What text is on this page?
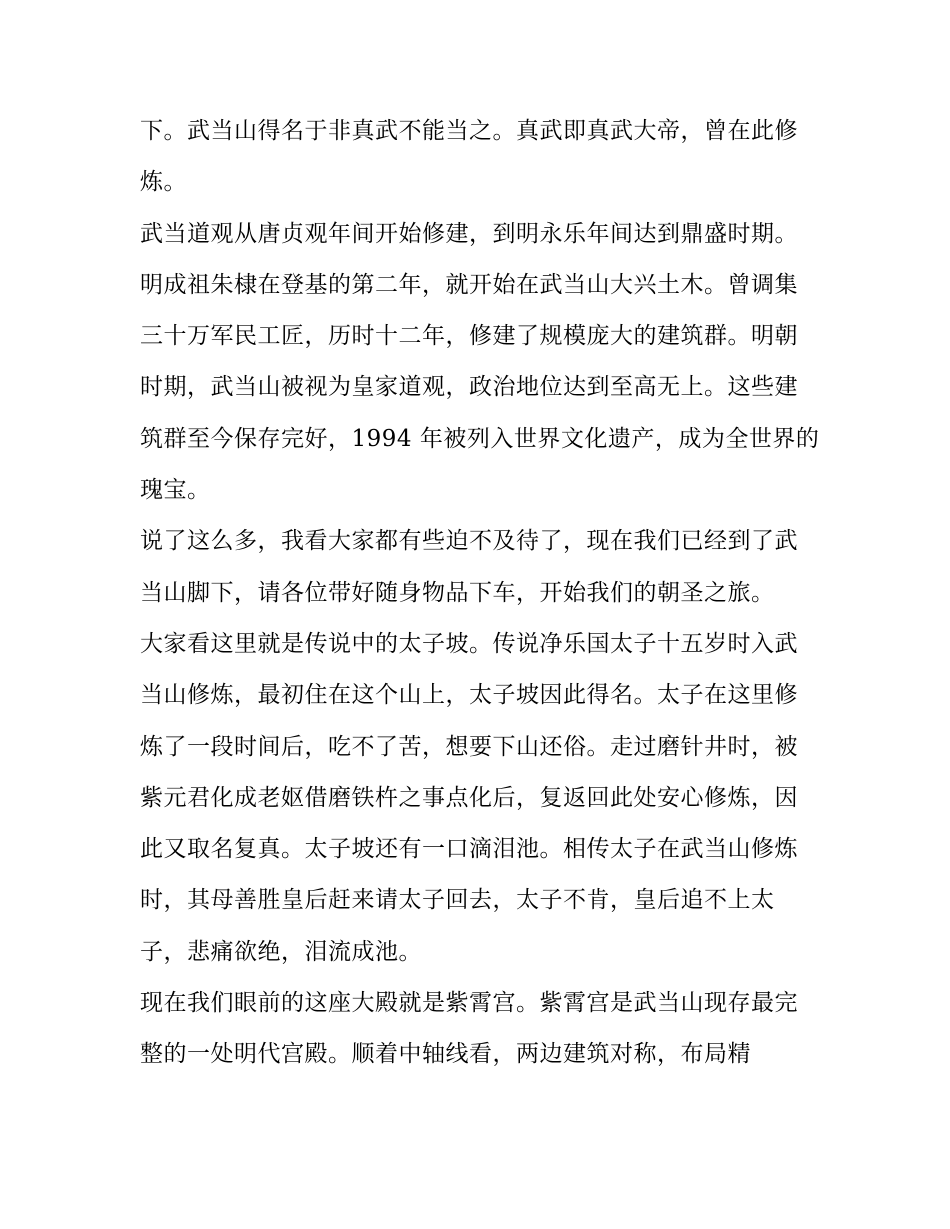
下。武当山得名于非真武不能当之。真武即真武大帝，曾在此修炼。

武当道观从唐贞观年间开始修建，到明永乐年间达到鼎盛时期。明成祖朱棣在登基的第二年，就开始在武当山大兴土木。曾调集三十万军民工匠，历时十二年，修建了规模庞大的建筑群。明朝时期，武当山被视为皇家道观，政治地位达到至高无上。这些建筑群至今保存完好，1994 年被列入世界文化遗产，成为全世界的瑰宝。

说了这么多，我看大家都有些迫不及待了，现在我们已经到了武当山脚下，请各位带好随身物品下车，开始我们的朝圣之旅。

大家看这里就是传说中的太子坡。传说净乐国太子十五岁时入武当山修炼，最初住在这个山上，太子坡因此得名。太子在这里修炼了一段时间后，吃不了苦，想要下山还俗。走过磨针井时，被紫元君化成老妪借磨铁杵之事点化后，复返回此处安心修炼，因此又取名复真。太子坡还有一口滴泪池。相传太子在武当山修炼时，其母善胜皇后赶来请太子回去，太子不肯，皇后追不上太子，悲痛欲绝，泪流成池。

现在我们眼前的这座大殿就是紫霄宫。紫霄宫是武当山现存最完整的一处明代宫殿。顺着中轴线看，两边建筑对称，布局精
